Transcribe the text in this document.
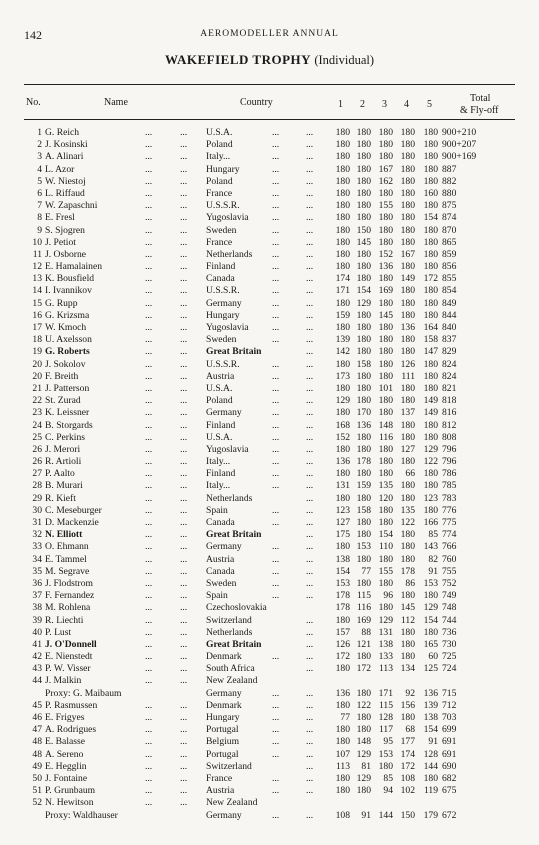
142	AEROMODELLER ANNUAL
WAKEFIELD TROPHY (Individual)
No.	Name	Country	1 2 3 4 5
Total
& Fly-off
1 G. Reich	...	...	U.S.A.	...	...	180 180 180 180 180 900+210
2 J. Kosinski	...	...	Poland	...	...	180 180 180 180 180 900+207
3 A. Alinari	...	...	Italy...	...	...	180 180 180 180 180 900+169
4 L. Azor	...	...	Hungary	...	...	180 180 167 180 180 887
5 W. Niestoj	...	...	Poland	...	...	180 180 162 180 180 882
6 L. Riffaud	...	...	France	...	...	180 180 180 180 160 880
7 W. Zapaschni	...	...	U.S.S.R.	...	...	180 180 155 180 180 875
8 E. Fresl	...	...	Yugoslavia ...	...	180 180 180 180 154 874
9 S. Sjogren	...	...	Sweden	...	...	180 150 180 180 180 870
10 J. Petiot	...	...	France	...	...	180 145 180 180 180 865
11 J. Osborne	...	...	Netherlands ...	...	180 180 152 167 180 859
12 E. Hamalainen	...	...	Finland	...	...	180 180 136 180 180 856
13 K. Bousfield	...	...	Canada	...	...	174 180 180 149 172 855
14 I. Ivannikov	...	...	U.S.S.R.	...	...	171 154 169 180 180 854
15 G. Rupp	...	...	Germany	...	...	180 129 180 180 180 849
16 G. Krizsma	...	...	Hungary	...	...	159 180 145 180 180 844
17 W. Kmoch	...	...	Yugoslavia ...	...	180 180 180 136 164 840
18 U. Axelsson	...	...	Sweden	...	...	139 180 180 180 158 837
19 G. Roberts	...	...	Great Britain	...	142 180 180 180 147 829
20 J. Sokolov	...	...	U.S.S.R.	...	...	180 158 180 126 180 824
20 F. Breith	...	...	Austria	...	...	173 180 180 111 180 824
21 J. Patterson	...	...	U.S.A.	...	...	180 180 101 180 180 821
22 St. Zurad	...	...	Poland	...	...	129 180 180 180 149 818
23 K. Leissner	...	...	Germany	...	...	180 170 180 137 149 816
24 B. Storgards	...	...	Finland	...	...	168 136 148 180 180 812
25 C. Perkins	...	...	U.S.A.	...	...	152 180 116 180 180 808
26 J. Merori	...	...	Yugoslavia ...	...	180 180 180 127 129 796
26 R. Artioli	...	...	Italy...	...	...	136 178 180 180 122 796
27 P. Aalto	...	...	Finland	...	...	180 180 180	66 180 786
28 B. Murari	...	...	Italy...	...	...	131 159 135 180 180 785
29 R. Kieft	...	...	Netherlands	...	180 180 120 180 123 783
30 C. Meseburger	...	...	Spain	...	...	123 158 180 135 180 776
31 D. Mackenzie	...	...	Canada	...	...	127 180 180 122 166 775
32 N. Elliott	...	...	Great Britain	...	175 180 154 180	85 774
33 O. Ehmann	...	...	Germany	...	...	180 153 110 180 143 766
34 E. Tammel	...	...	Austria	...	...	138 180 180 180	82 760
35 M. Segrave	...	...	Canada	...	...	154	77 155 178	91 755
36 J. Flodstrom	...	...	Sweden	...	...	153 180 180	86 153 752
37 F. Fernandez	...	...	Spain	...	...	178 115	96 180 180 749
38 M. Rohlena	...	...	Czechoslovakia	178 116 180 145 129 748
39 R. Liechti	...	...	Switzerland	...	180 169 129 112 154 744
40 P. Lust	...	...	Netherlands	...	157	88 131 180 180 736
41 J. O'Donnell	...	...	Great Britain	...	126 121 138 180 165 730
42 E. Nienstedt	...	...	Denmark	...	...	172 180 133 180	60 725
43 P. W. Visser	...	...	South Africa	...	180 172 113 134 125 724
44 J. Malkin	...	...	New Zealand
Proxy: G. Maibaum	Germany	...	...	136 180 171	92 136 715
45 P. Rasmussen	...	...	Denmark	...	...	180 122 115 156 139 712
46 E. Frigyes	...	...	Hungary	...	...	77 180 128 180 138 703
47 A. Rodrigues	...	...	Portugal	...	...	180 180 117	68 154 699
48 E. Balasse	...	...	Belgium	...	...	180 148	95 177	91 691
48 A. Sereno	...	...	Portugal	...	...	107 129 153 174 128 691
49 E. Hegglin	...	...	Switzerland	...	113	81 180 172 144 690
50 J. Fontaine	...	...	France	...	...	180 129	85 108 180 682
51 P. Grunbaum	...	...	Austria	...	...	180 180	94 102 119 675
52 N. Hewitson	...	...	New Zealand
Proxy: Waldhauser	Germany	...	...	108	91 144 150 179 672
